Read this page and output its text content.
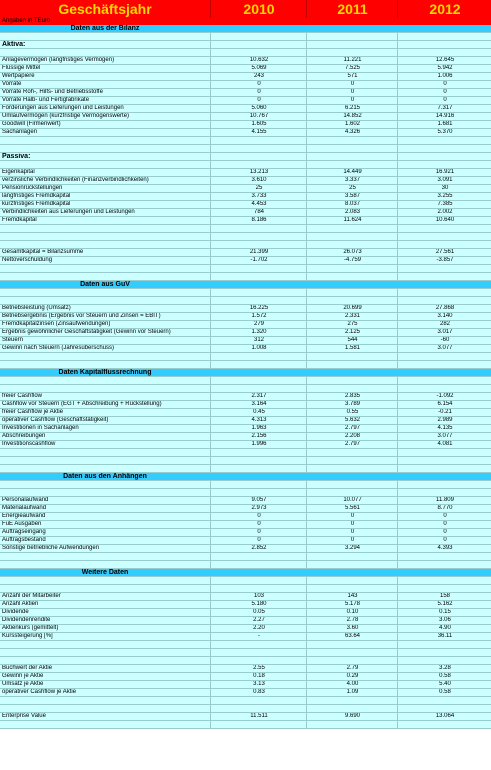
Geschäftsjahr	2010	2011	2012
Angaben in TEuro
Daten aus der Bilanz
Aktiva:
Anlagevermögen (langfristiges Vermögen)	10.632	11.221	12.645
Flüssige Mittel	5.069	7.525	5.942
Wertpapiere	243	571	1.006
Vorräte	0	0	0
Vorräte Roh-, Hilfs- und Betriebsstoffe	0	0	0
Vorräte Halb- und Fertigfabrikate	0	0	0
Forderungen aus Lieferungen und Leistungen	5.060	6.215	7.317
Umlaufvermögen (kurzfristige Vermögenswerte)	10.767	14.852	14.916
Goodwill (Firmenwert)	1.605	1.602	1.681
Sachanlagen	4.155	4.326	5.370
Passiva:
Eigenkapital	13.213	14.449	16.921
verzinsliche Verbindlichkeiten (Finanzverbindlichkeiten)	3.610	3.337	3.091
Pensionrückstellungen	25	25	30
langfristiges Fremdkapital	3.733	3.587	3.255
kurzfristiges Fremdkapital	4.453	8.037	7.385
Verbindlichkeiten aus Lieferungen und Leistungen	784	2.083	2.002
Fremdkapital	8.186	11.624	10.640
Gesamtkapital = Bilanzsumme	21.399	26.073	27.561
Nettoverschuldung	-1.702	-4.759	-3.857
Daten aus GuV
Betriebsleistung (Umsatz)	16.225	20.699	27.868
Betriebsergebnis (Ergebnis vor Steuern und Zinsen = EBIT)	1.572	2.331	3.140
Fremdkapitalzinsen (Zinsaufwendungen)	279	275	282
Ergebnis gewöhnlicher Geschäftstätigkeit (Gewinn vor Steuern)	1.320	2.125	3.017
Steuern	312	544	-60
Gewinn nach Steuern (Jahresüberschuss)	1.008	1.581	3.077
Daten Kapitalflussrechnung
freier Cashflow	2.317	2.835	-1.092
Cashflow vor Steuern (EGT + Abschreibung + Rückstellung)	3.164	3.789	6.154
freier Cashflow je Aktie	0.45	0.55	-0.21
operativer Cashflow (Geschäftstätigkeit)	4.313	5.632	2.989
Investitionen in Sachanlagen	1.963	2.797	4.135
Abschreibungen	2.156	2.208	3.077
Investitionscashflow	1.996	2.797	4.081
Daten aus den Anhängen
Personalaufwand	9.057	10.077	11.809
Materialaufwand	2.973	5.561	8.770
Energieaufwand	0	0	0
FuE Ausgaben	0	0	0
Auftragseingang	0	0	0
Auftragsbestand	0	0	0
Sonstige betriebliche Aufwendungen	2.852	3.294	4.393
Weitere Daten
Anzahl der Mitarbeiter	103	143	158
Anzahl Aktien	5.180	5.178	5.162
Dividende	0.05	0.10	0.15
Dividendenrendite	2.27	2.78	3.06
Aktienkurs (gemittelt)	2.20	3.60	4.90
Kurssteigerung [%]	-	63.64	36.11
Buchwert der Aktie	2.55	2.79	3.28
Gewinn je Aktie	0.18	0.29	0.58
Umsatz je Aktie	3.13	4.00	5.40
operativer Cashflow je Aktie	0.83	1.09	0.58
Enterprise Value	11.511	9.690	13.064
